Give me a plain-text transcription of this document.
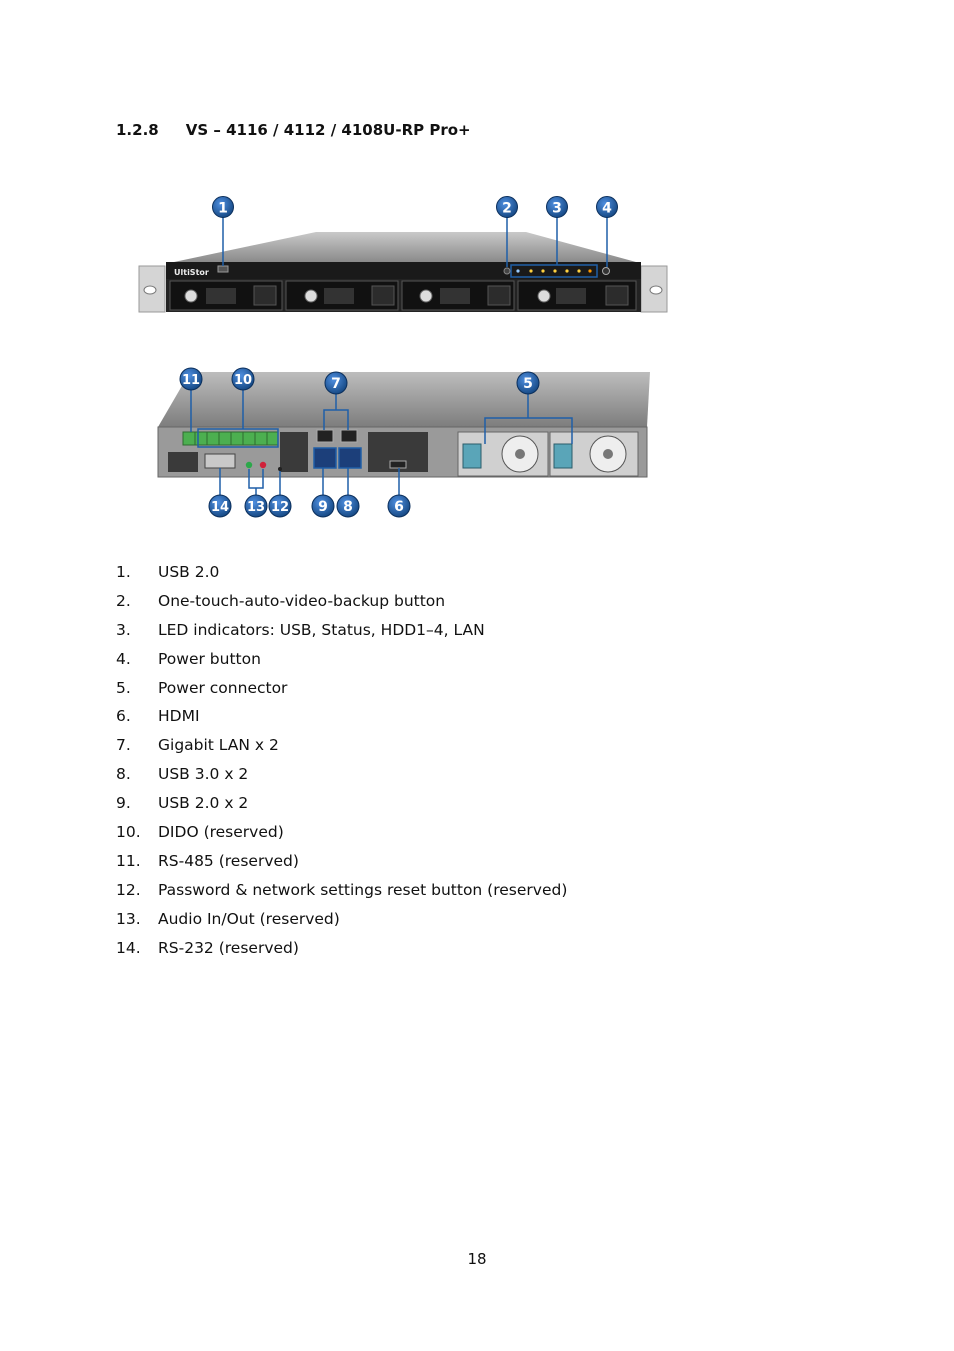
1.2.8 VS – 4116 / 4112 / 4108U-RP Pro+
UltiStor
1	2	3	4
11	10	7	5
14 13 12 9 8	6
1.	USB 2.0
2.	One-touch-auto-video-backup button
3.	LED indicators: USB, Status, HDD1–4, LAN
4.	Power button
5.	Power connector
6.	HDMI
7.	Gigabit LAN x 2
8.	USB 3.0 x 2
9.	USB 2.0 x 2
10.	DIDO (reserved)
11.	RS-485 (reserved)
12.	Password & network settings reset button (reserved)
13.	Audio In/Out (reserved)
14.	RS-232 (reserved)
18
